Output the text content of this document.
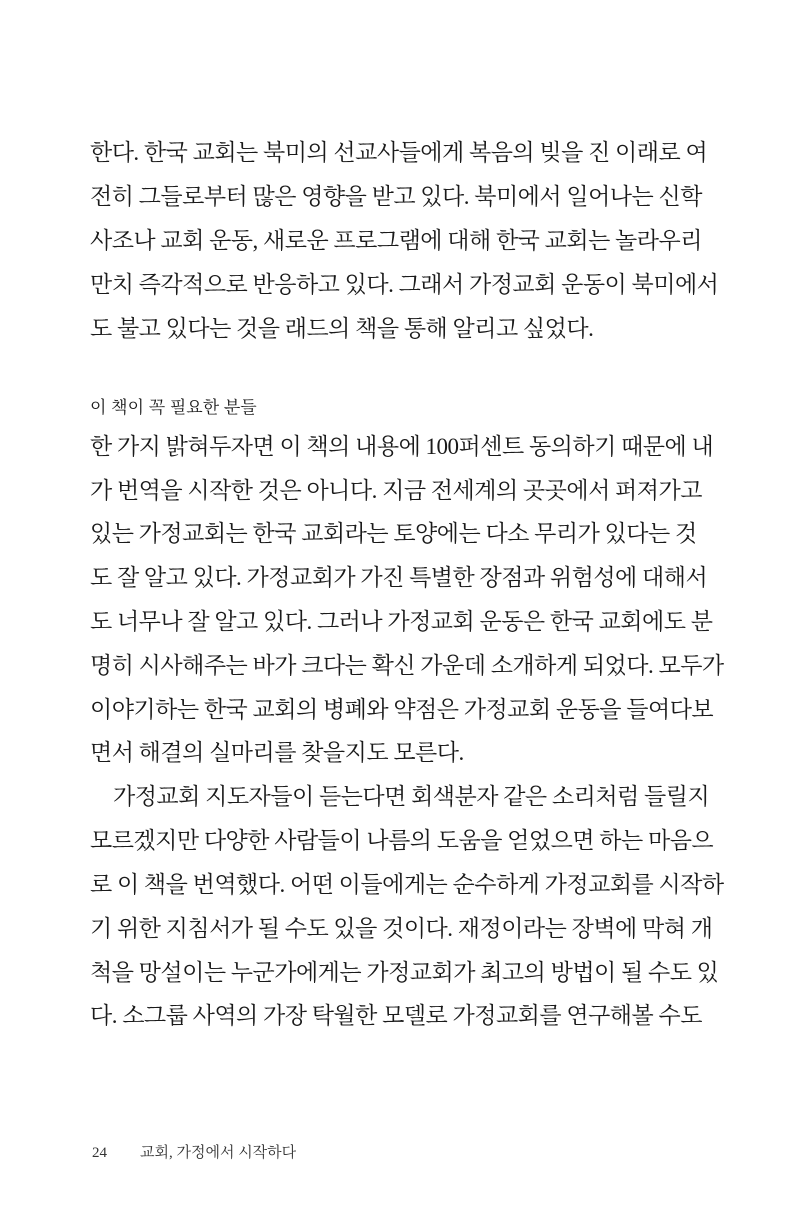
한다. 한국 교회는 북미의 선교사들에게 복음의 빚을 진 이래로 여
전히 그들로부터 많은 영향을 받고 있다. 북미에서 일어나는 신학
사조나 교회 운동, 새로운 프로그램에 대해 한국 교회는 놀라우리
만치 즉각적으로 반응하고 있다. 그래서 가정교회 운동이 북미에서
도 불고 있다는 것을 래드의 책을 통해 알리고 싶었다.
이 책이 꼭 필요한 분들
한 가지 밝혀두자면 이 책의 내용에 100퍼센트 동의하기 때문에 내
가 번역을 시작한 것은 아니다. 지금 전세계의 곳곳에서 퍼져가고
있는 가정교회는 한국 교회라는 토양에는 다소 무리가 있다는 것
도 잘 알고 있다. 가정교회가 가진 특별한 장점과 위험성에 대해서
도 너무나 잘 알고 있다. 그러나 가정교회 운동은 한국 교회에도 분
명히 시사해주는 바가 크다는 확신 가운데 소개하게 되었다. 모두가
이야기하는 한국 교회의 병폐와 약점은 가정교회 운동을 들여다보
면서 해결의 실마리를 찾을지도 모른다.
가정교회 지도자들이 듣는다면 회색분자 같은 소리처럼 들릴지
모르겠지만 다양한 사람들이 나름의 도움을 얻었으면 하는 마음으
로 이 책을 번역했다. 어떤 이들에게는 순수하게 가정교회를 시작하
기 위한 지침서가 될 수도 있을 것이다. 재정이라는 장벽에 막혀 개
척을 망설이는 누군가에게는 가정교회가 최고의 방법이 될 수도 있
다. 소그룹 사역의 가장 탁월한 모델로 가정교회를 연구해볼 수도
24 교회, 가정에서 시작하다
